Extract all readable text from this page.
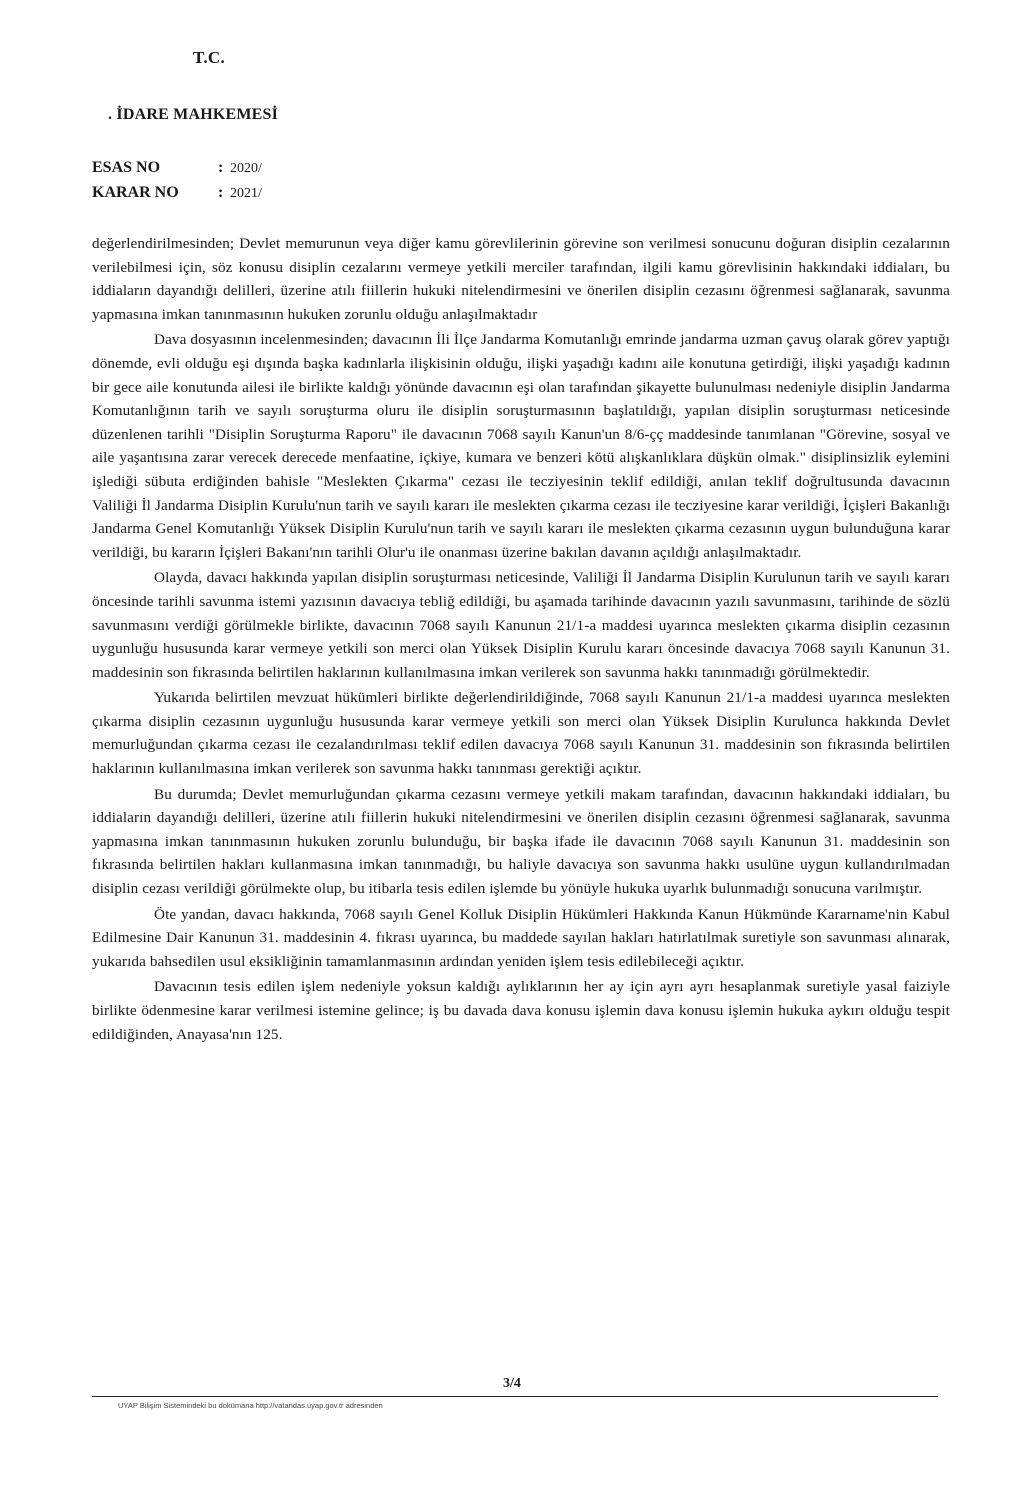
T.C.
. İDARE MAHKEMESİ
ESAS NO	: 2020/
KARAR NO : 2021/

değerlendirilmesinden; Devlet memurunun veya diğer kamu görevlilerinin görevine son verilmesi sonucunu doğuran disiplin cezalarının verilebilmesi için, söz konusu disiplin cezalarını vermeye yetkili merciler tarafından, ilgili kamu görevlisinin hakkındaki iddiaları, bu iddiaların dayandığı delilleri, üzerine atılı fiillerin hukuki nitelendirmesini ve önerilen disiplin cezasını öğrenmesi sağlanarak, savunma yapmasına imkan tanınmasının hukuken zorunlu olduğu anlaşılmaktadır

Dava dosyasının incelenmesinden; davacının İli İlçe Jandarma Komutanlığı emrinde jandarma uzman çavuş olarak görev yaptığı dönemde, evli olduğu eşi dışında başka kadınlarla ilişkisinin olduğu, ilişki yaşadığı kadını aile konutuna getirdiği, ilişki yaşadığı kadının bir gece aile konutunda ailesi ile birlikte kaldığı yönünde davacının eşi olan tarafından şikayette bulunulması nedeniyle disiplin Jandarma Komutanlığının tarih ve sayılı soruşturma oluru ile disiplin soruşturmasının başlatıldığı, yapılan disiplin soruşturması neticesinde düzenlenen tarihli "Disiplin Soruşturma Raporu" ile davacının 7068 sayılı Kanun'un 8/6-çç maddesinde tanımlanan "Görevine, sosyal ve aile yaşantısına zarar verecek derecede menfaatine, içkiye, kumara ve benzeri kötü alışkanlıklara düşkün olmak." disiplinsizlik eylemini işlediği sübuta erdiğinden bahisle "Meslekten Çıkarma" cezası ile tecziyesinin teklif edildiği, anılan teklif doğrultusunda davacının Valiliği İl Jandarma Disiplin Kurulu'nun tarih ve sayılı kararı ile meslekten çıkarma cezası ile tecziyesine karar verildiği, İçişleri Bakanlığı Jandarma Genel Komutanlığı Yüksek Disiplin Kurulu'nun tarih ve sayılı kararı ile meslekten çıkarma cezasının uygun bulunduğuna karar verildiği, bu kararın İçişleri Bakanı'nın tarihli Olur'u ile onanması üzerine bakılan davanın açıldığı anlaşılmaktadır.

Olayda, davacı hakkında yapılan disiplin soruşturması neticesinde, Valiliği İl Jandarma Disiplin Kurulunun tarih ve sayılı kararı öncesinde tarihli savunma istemi yazısının davacıya tebliğ edildiği, bu aşamada tarihinde davacının yazılı savunmasını, tarihinde de sözlü savunmasını verdiği görülmekle birlikte, davacının 7068 sayılı Kanunun 21/1-a maddesi uyarınca meslekten çıkarma disiplin cezasının uygunluğu hususunda karar vermeye yetkili son merci olan Yüksek Disiplin Kurulu kararı öncesinde davacıya 7068 sayılı Kanunun 31. maddesinin son fıkrasında belirtilen haklarının kullanılmasına imkan verilerek son savunma hakkı tanınmadığı görülmektedir.

Yukarıda belirtilen mevzuat hükümleri birlikte değerlendirildiğinde, 7068 sayılı Kanunun 21/1-a maddesi uyarınca meslekten çıkarma disiplin cezasının uygunluğu hususunda karar vermeye yetkili son merci olan Yüksek Disiplin Kurulunca hakkında Devlet memurluğundan çıkarma cezası ile cezalandırılması teklif edilen davacıya 7068 sayılı Kanunun 31. maddesinin son fıkrasında belirtilen haklarının kullanılmasına imkan verilerek son savunma hakkı tanınması gerektiği açıktır.

Bu durumda; Devlet memurluğundan çıkarma cezasını vermeye yetkili makam tarafından, davacının hakkındaki iddiaları, bu iddiaların dayandığı delilleri, üzerine atılı fiillerin hukuki nitelendirmesini ve önerilen disiplin cezasını öğrenmesi sağlanarak, savunma yapmasına imkan tanınmasının hukuken zorunlu bulunduğu, bir başka ifade ile davacının 7068 sayılı Kanunun 31. maddesinin son fıkrasında belirtilen hakları kullanmasına imkan tanınmadığı, bu haliyle davacıya son savunma hakkı usulüne uygun kullandırılmadan disiplin cezası verildiği görülmekte olup, bu itibarla tesis edilen işlemde bu yönüyle hukuka uyarlık bulunmadığı sonucuna varılmıştır.

Öte yandan, davacı hakkında, 7068 sayılı Genel Kolluk Disiplin Hükümleri Hakkında Kanun Hükmünde Kararname'nin Kabul Edilmesine Dair Kanunun 31. maddesinin 4. fıkrası uyarınca, bu maddede sayılan hakları hatırlatılmak suretiyle son savunması alınarak, yukarıda bahsedilen usul eksikliğinin tamamlanmasının ardından yeniden işlem tesis edilebileceği açıktır.

Davacının tesis edilen işlem nedeniyle yoksun kaldığı aylıklarının her ay için ayrı ayrı hesaplanmak suretiyle yasal faiziyle birlikte ödenmesine karar verilmesi istemine gelince; iş bu davada dava konusu işlemin dava konusu işlemin hukuka aykırı olduğu tespit edildiğinden, Anayasa'nın 125.

3/4
UYAP Bilişim Sistemindeki bu dokümana http://vatandas.uyap.gov.tr adresinden
